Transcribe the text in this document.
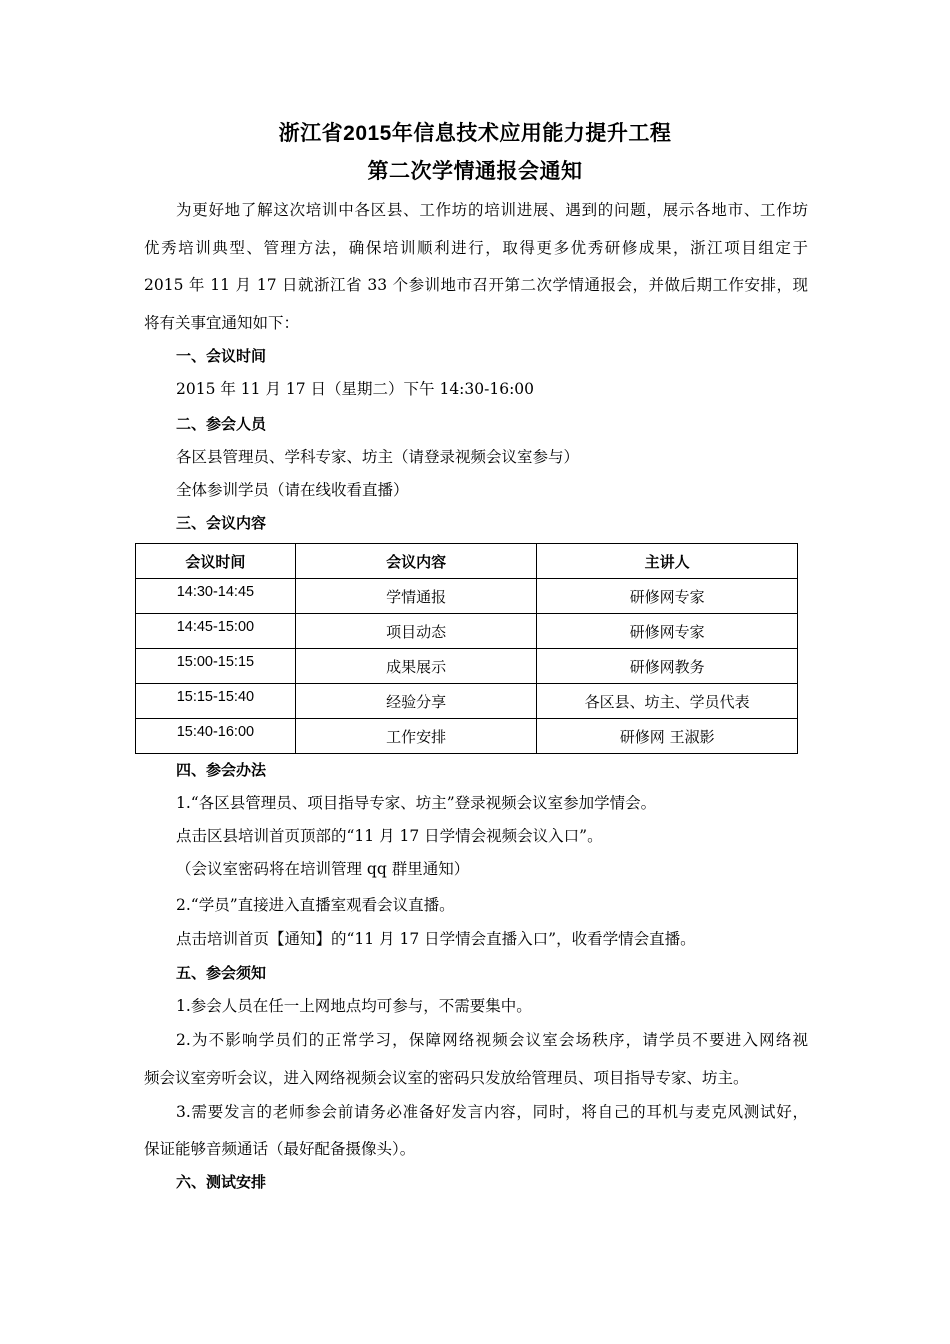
浙江省2015年信息技术应用能力提升工程
第二次学情通报会通知
为更好地了解这次培训中各区县、工作坊的培训进展、遇到的问题，展示各地市、工作坊
优秀培训典型、管理方法，确保培训顺利进行，取得更多优秀研修成果，浙江项目组定于
2015 年 11 月 17 日就浙江省 33 个参训地市召开第二次学情通报会，并做后期工作安排，现
将有关事宜通知如下：
一、会议时间
2015 年 11 月 17 日（星期二）下午 14:30-16:00
二、参会人员
各区县管理员、学科专家、坊主（请登录视频会议室参与）
全体参训学员（请在线收看直播）
三、会议内容
会议时间	会议内容	主讲人
14:30-14:45	学情通报	研修网专家
14:45-15:00	项目动态	研修网专家
15:00-15:15	成果展示	研修网教务
15:15-15:40	经验分享	各区县、坊主、学员代表
15:40-16:00	工作安排	研修网 王淑影
四、参会办法
1.“各区县管理员、项目指导专家、坊主”登录视频会议室参加学情会。
点击区县培训首页顶部的“11 月 17 日学情会视频会议入口”。
（会议室密码将在培训管理 qq 群里通知）
2.“学员”直接进入直播室观看会议直播。
点击培训首页【通知】的“11 月 17 日学情会直播入口”，收看学情会直播。
五、参会须知
1.参会人员在任一上网地点均可参与，不需要集中。
2.为不影响学员们的正常学习，保障网络视频会议室会场秩序，请学员不要进入网络视
频会议室旁听会议，进入网络视频会议室的密码只发放给管理员、项目指导专家、坊主。
3.需要发言的老师参会前请务必准备好发言内容，同时，将自己的耳机与麦克风测试好，
保证能够音频通话（最好配备摄像头）。
六、测试安排
